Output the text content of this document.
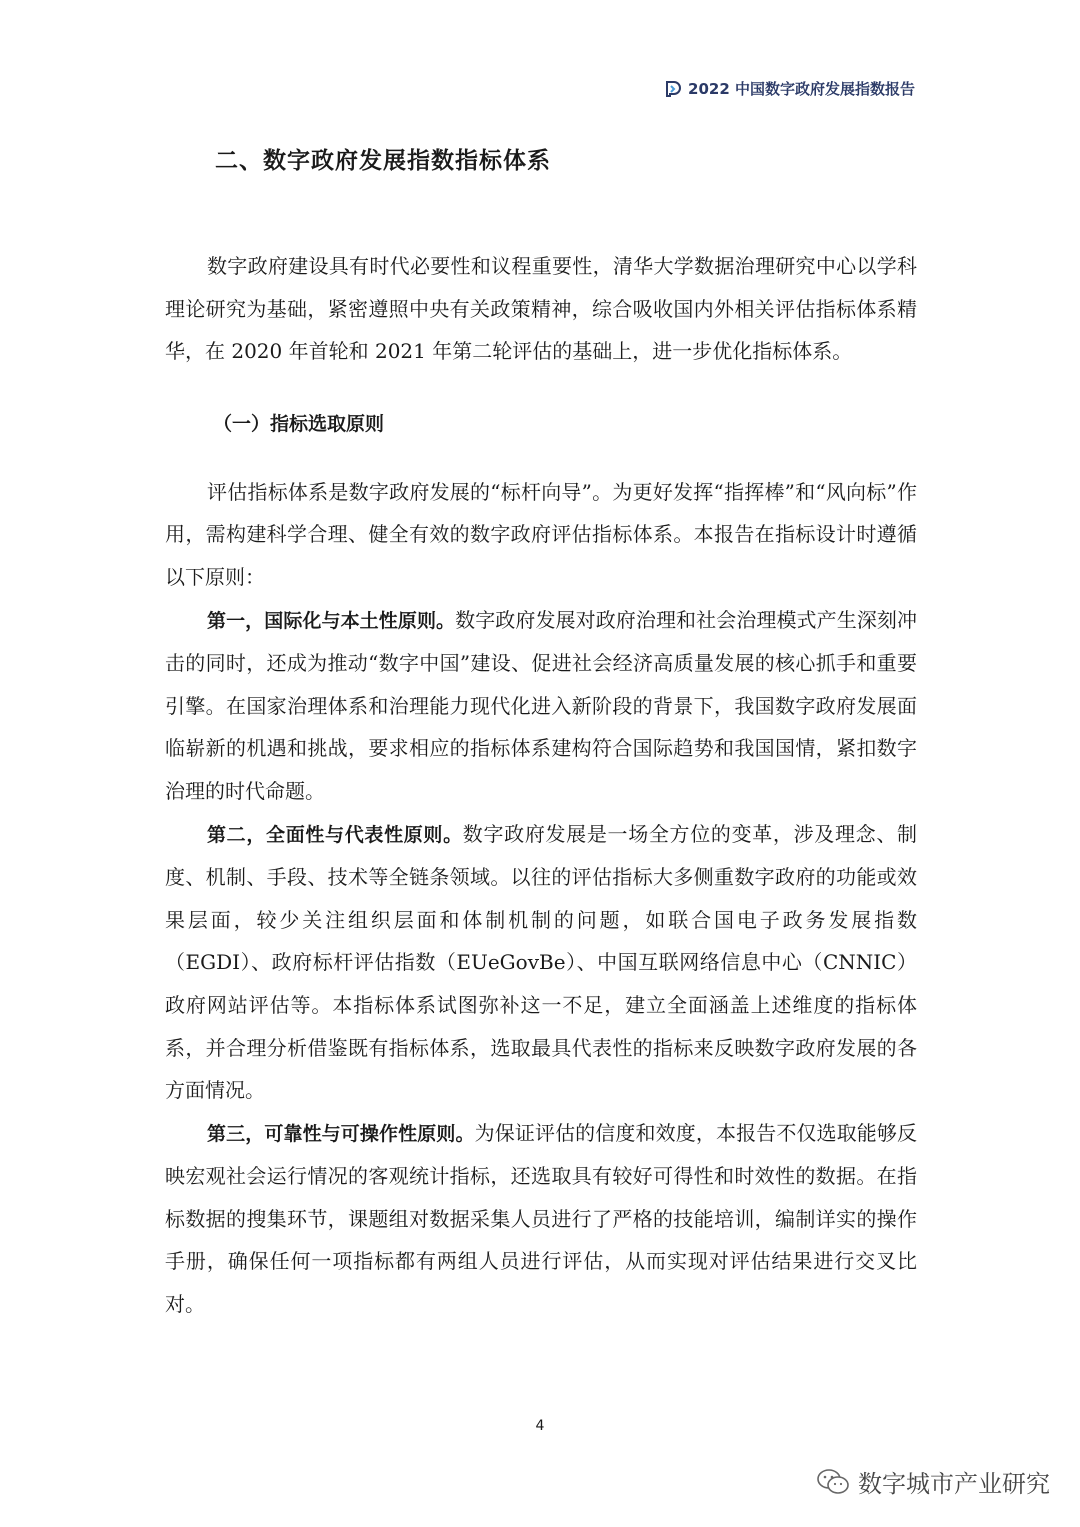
2022 中国数字政府发展指数报告
二、数字政府发展指数指标体系

数字政府建设具有时代必要性和议程重要性，清华大学数据治理研究中心以学科理论研究为基础，紧密遵照中央有关政策精神，综合吸收国内外相关评估指标体系精华，在 2020 年首轮和 2021 年第二轮评估的基础上，进一步优化指标体系。

（一）指标选取原则

评估指标体系是数字政府发展的“标杆向导”。为更好发挥“指挥棒”和“风向标”作用，需构建科学合理、健全有效的数字政府评估指标体系。本报告在指标设计时遵循以下原则：

第一，国际化与本土性原则。数字政府发展对政府治理和社会治理模式产生深刻冲击的同时，还成为推动“数字中国”建设、促进社会经济高质量发展的核心抓手和重要引擎。在国家治理体系和治理能力现代化进入新阶段的背景下，我国数字政府发展面临崭新的机遇和挑战，要求相应的指标体系建构符合国际趋势和我国国情，紧扣数字治理的时代命题。

第二，全面性与代表性原则。数字政府发展是一场全方位的变革，涉及理念、制度、机制、手段、技术等全链条领域。以往的评估指标大多侧重数字政府的功能或效果层面，较少关注组织层面和体制机制的问题，如联合国电子政务发展指数（EGDI）、政府标杆评估指数（EUeGovBe）、中国互联网络信息中心（CNNIC）政府网站评估等。本指标体系试图弥补这一不足，建立全面涵盖上述维度的指标体系，并合理分析借鉴既有指标体系，选取最具代表性的指标来反映数字政府发展的各方面情况。

第三，可靠性与可操作性原则。为保证评估的信度和效度，本报告不仅选取能够反映宏观社会运行情况的客观统计指标，还选取具有较好可得性和时效性的数据。在指标数据的搜集环节，课题组对数据采集人员进行了严格的技能培训，编制详实的操作手册，确保任何一项指标都有两组人员进行评估，从而实现对评估结果进行交叉比对。

4
数字城市产业研究
